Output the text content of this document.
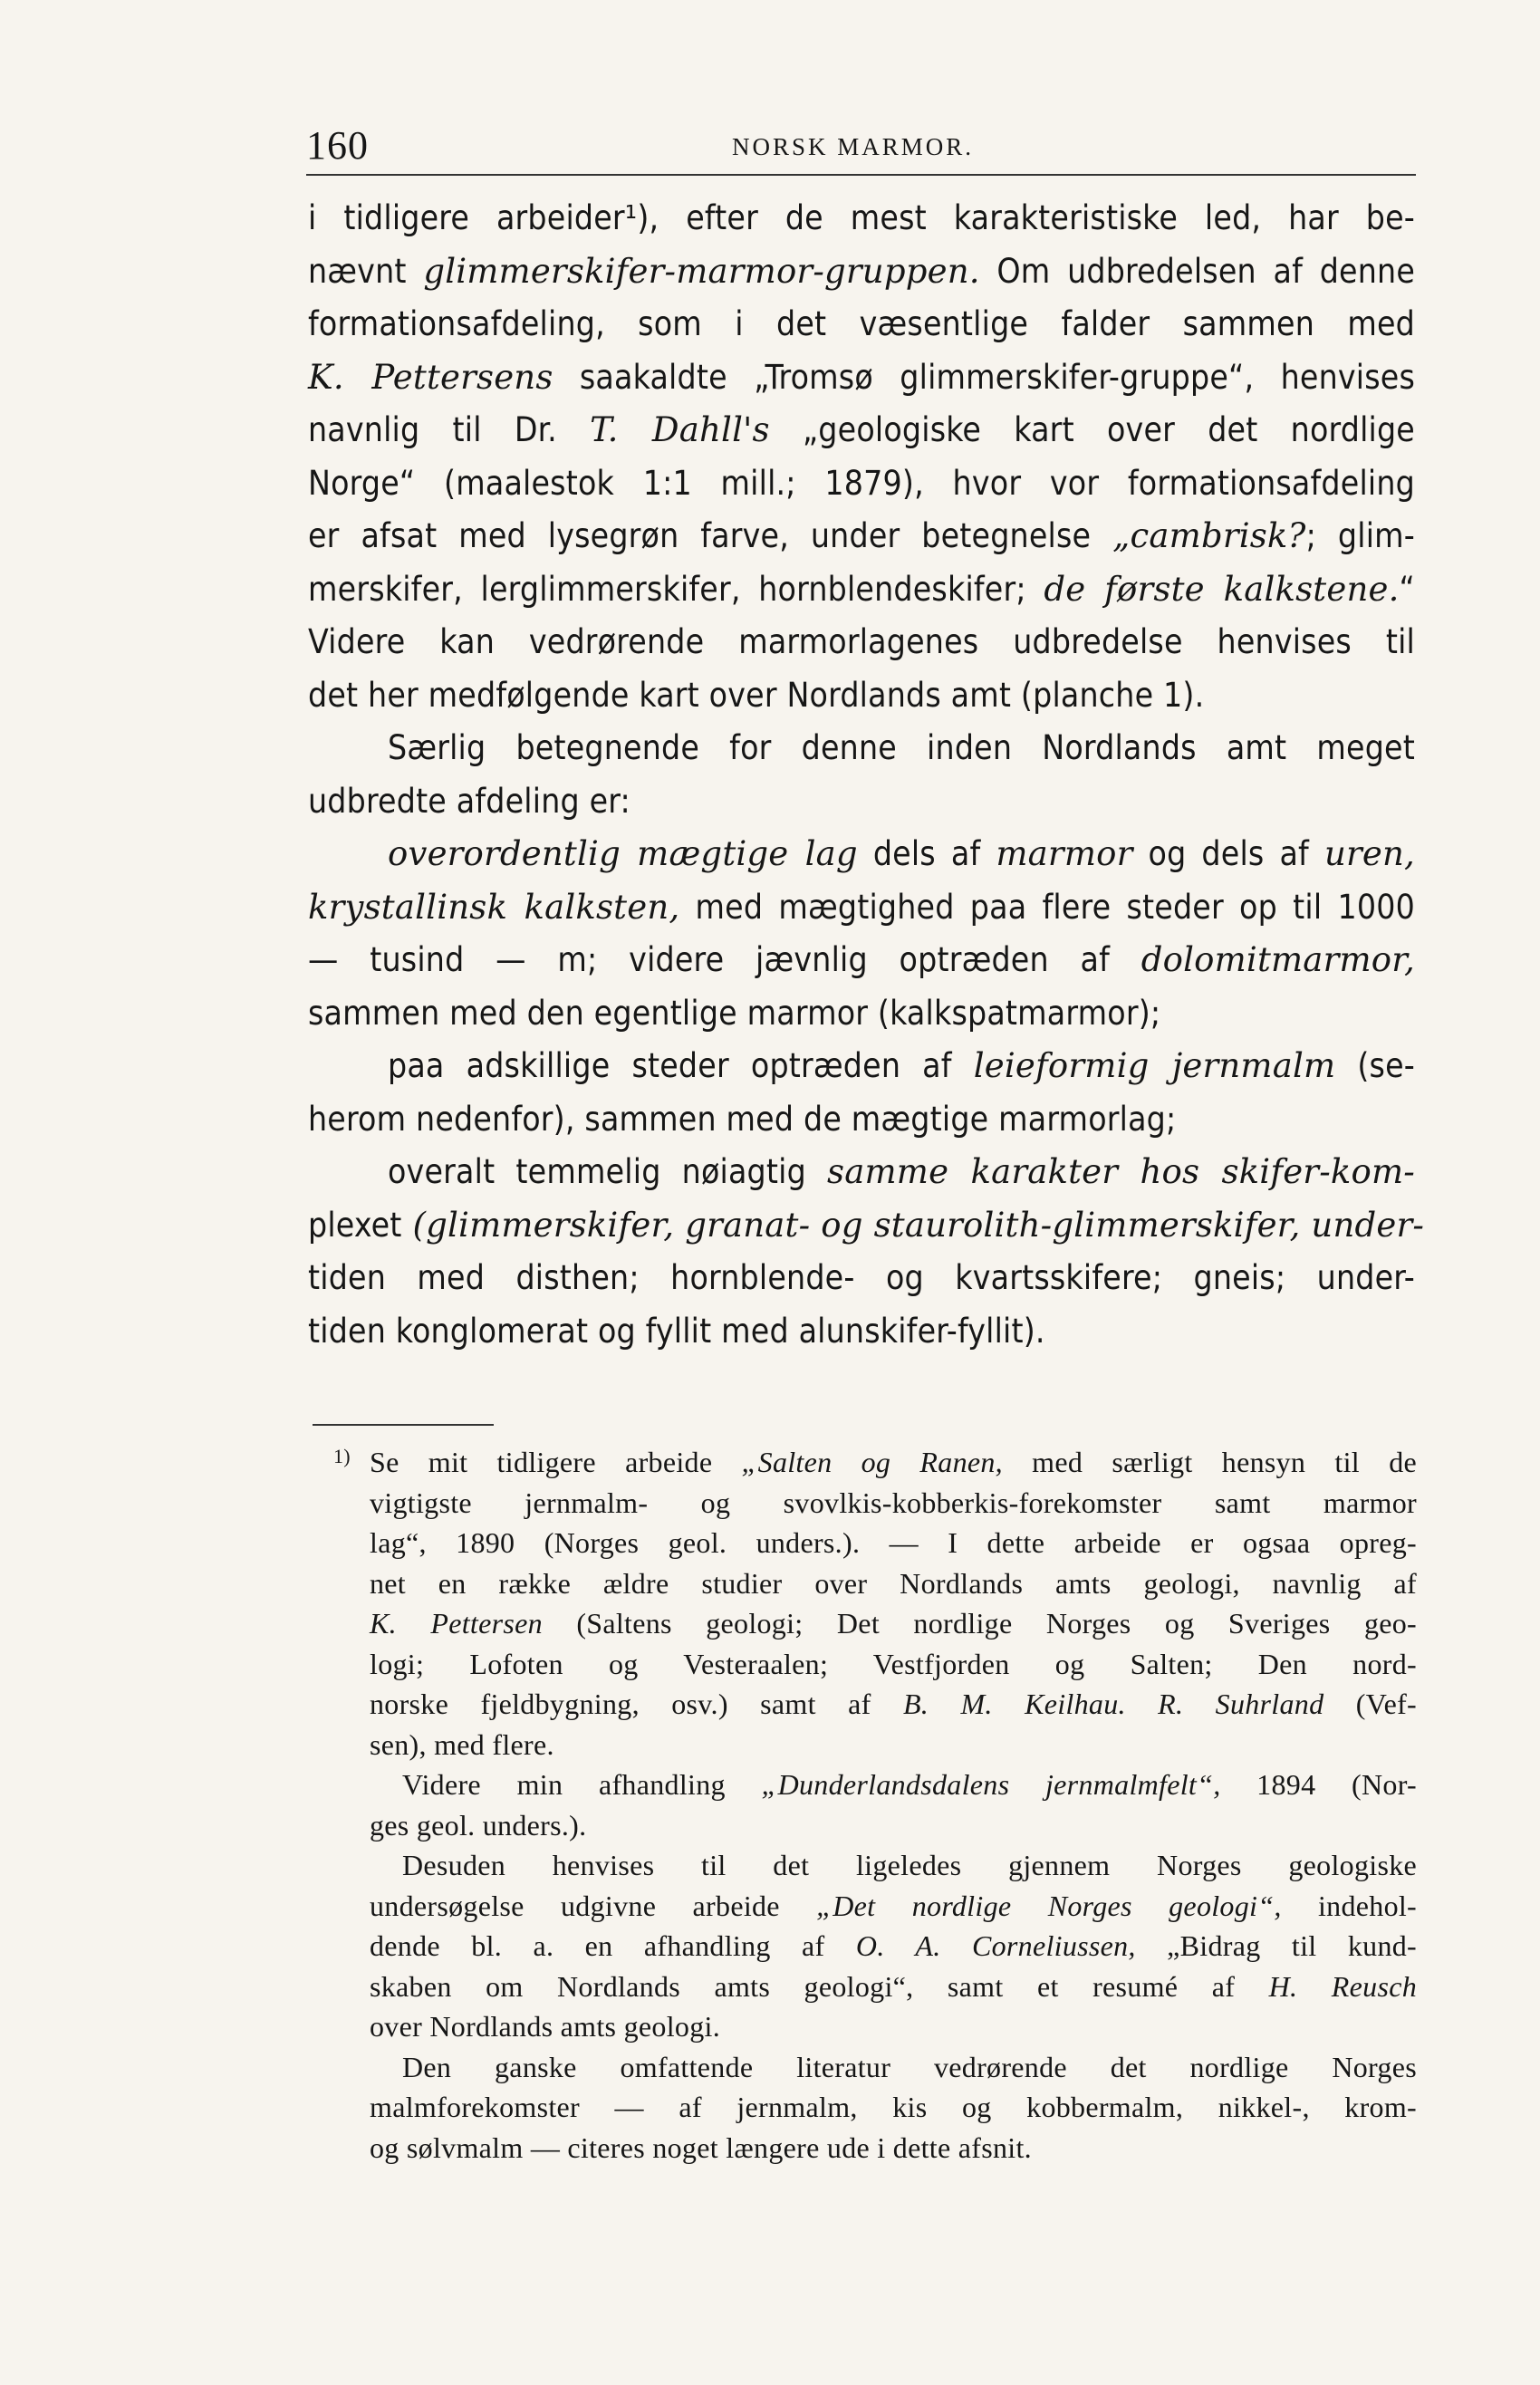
160	NORSK MARMOR.

i tidligere arbeider¹), efter de mest karakteristiske led, har be-
nævnt glimmerskifer-marmor-gruppen. Om udbredelsen af denne
formationsafdeling, som i det væsentlige falder sammen med
K. Pettersens saakaldte „Tromsø glimmerskifer-gruppe“, henvises
navnlig til Dr. T. Dahll's „geologiske kart over det nordlige
Norge“ (maalestok 1:1 mill.; 1879), hvor vor formationsafdeling
er afsat med lysegrøn farve, under betegnelse „cambrisk?; glim-
merskifer, lerglimmerskifer, hornblendeskifer; de første kalkstene.“
Videre kan vedrørende marmorlagenes udbredelse henvises til
det her medfølgende kart over Nordlands amt (planche 1).

Særlig betegnende for denne inden Nordlands amt meget
udbredte afdeling er:

overordentlig mægtige lag dels af marmor og dels af uren,
krystallinsk kalksten, med mægtighed paa flere steder op til 1000
— tusind — m; videre jævnlig optræden af dolomitmarmor,
sammen med den egentlige marmor (kalkspatmarmor);

paa adskillige steder optræden af leieformig jernmalm (se-
herom nedenfor), sammen med de mægtige marmorlag;

overalt temmelig nøiagtig samme karakter hos skifer-kom-
plexet (glimmerskifer, granat- og staurolith-glimmerskifer, under-
tiden med disthen; hornblende- og kvartsskifere; gneis; under-
tiden konglomerat og fyllit med alunskifer-fyllit).

1) Se mit tidligere arbeide „Salten og Ranen, med særligt hensyn til de
vigtigste jernmalm- og svovlkis-kobberkis-forekomster samt marmor
lag“, 1890 (Norges geol. unders.). — I dette arbeide er ogsaa opreg-
net en række ældre studier over Nordlands amts geologi, navnlig af
K. Pettersen (Saltens geologi; Det nordlige Norges og Sveriges geo-
logi; Lofoten og Vesteraalen; Vestfjorden og Salten; Den nord-
norske fjeldbygning, osv.) samt af B. M. Keilhau. R. Suhrland (Vef-
sen), med flere.
Videre min afhandling „Dunderlandsdalens jernmalmfelt“, 1894 (Nor-
ges geol. unders.).
Desuden henvises til det ligeledes gjennem Norges geologiske
undersøgelse udgivne arbeide „Det nordlige Norges geologi“, indehol-
dende bl. a. en afhandling af O. A. Corneliussen, „Bidrag til kund-
skaben om Nordlands amts geologi“, samt et resumé af H. Reusch
over Nordlands amts geologi.
Den ganske omfattende literatur vedrørende det nordlige Norges
malmforekomster — af jernmalm, kis og kobbermalm, nikkel-, krom-
og sølvmalm — citeres noget længere ude i dette afsnit.
